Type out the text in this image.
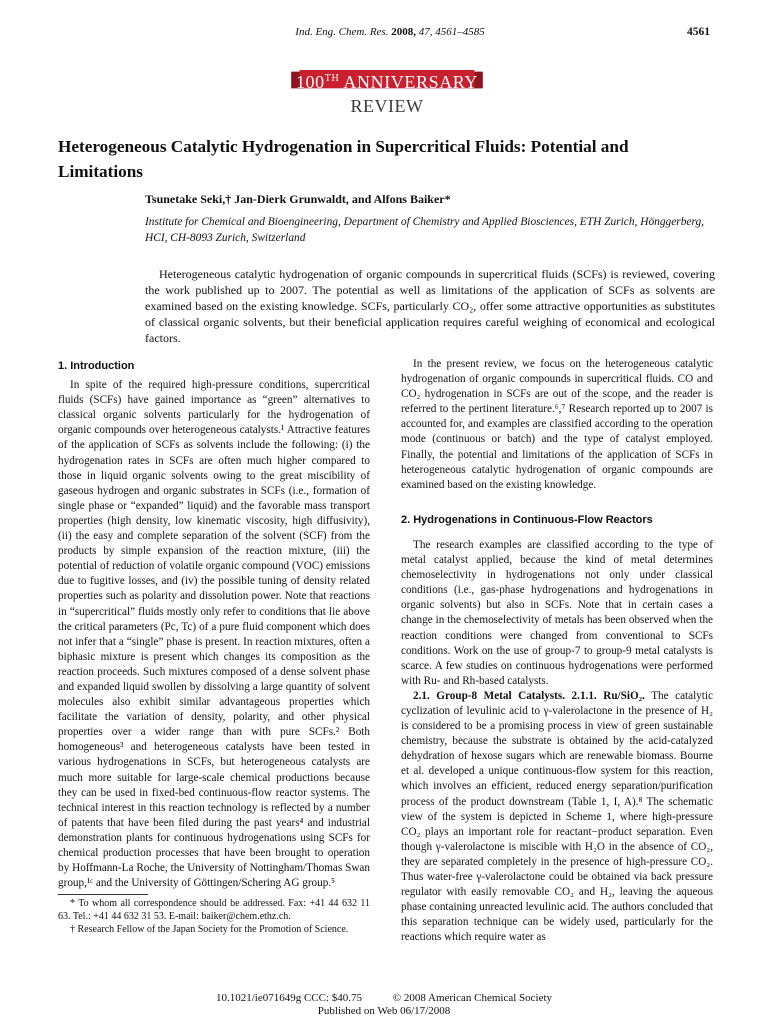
Ind. Eng. Chem. Res. 2008, 47, 4561–4585	4561
100TH ANNIVERSARY
REVIEW
Heterogeneous Catalytic Hydrogenation in Supercritical Fluids: Potential and Limitations
Tsunetake Seki,† Jan-Dierk Grunwaldt, and Alfons Baiker*
Institute for Chemical and Bioengineering, Department of Chemistry and Applied Biosciences, ETH Zurich, Hönggerberg, HCI, CH-8093 Zurich, Switzerland

Heterogeneous catalytic hydrogenation of organic compounds in supercritical fluids (SCFs) is reviewed, covering the work published up to 2007. The potential as well as limitations of the application of SCFs as solvents are examined based on the existing knowledge. SCFs, particularly CO₂, offer some attractive opportunities as substitutes of classical organic solvents, but their beneficial application requires careful weighing of economical and ecological factors.

1. Introduction

In spite of the required high-pressure conditions, supercritical fluids (SCFs) have gained importance as “green” alternatives to classical organic solvents particularly for the hydrogenation of organic compounds over heterogeneous catalysts.¹ Attractive features of the application of SCFs as solvents include the following: (i) the hydrogenation rates in SCFs are often much higher compared to those in liquid organic solvents owing to the great miscibility of gaseous hydrogen and organic substrates in SCFs (i.e., formation of single phase or “expanded” liquid) and the favorable mass transport properties (high density, low kinematic viscosity, high diffusivity), (ii) the easy and complete separation of the solvent (SCF) from the products by simple expansion of the reaction mixture, (iii) the potential of reduction of volatile organic compound (VOC) emissions due to fugitive losses, and (iv) the possible tuning of density related properties such as polarity and dissolution power. Note that reactions in “supercritical” fluids mostly only refer to conditions that lie above the critical parameters (Pc, Tc) of a pure fluid component which does not infer that a “single” phase is present. In reaction mixtures, often a biphasic mixture is present which changes its composition as the reaction proceeds. Such mixtures composed of a dense solvent phase and expanded liquid swollen by dissolving a large quantity of solvent molecules also exhibit similar advantageous properties which facilitate the variation of density, polarity, and other physical properties over a wider range than with pure SCFs.² Both homogeneous³ and heterogeneous catalysts have been tested in various hydrogenations in SCFs, but heterogeneous catalysts are much more suitable for large-scale chemical productions because they can be used in fixed-bed continuous-flow reactor systems. The technical interest in this reaction technology is reflected by a number of patents that have been filed during the past years⁴ and industrial demonstration plants for continuous hydrogenations using SCFs for chemical production processes that have been brought to operation by Hoffmann-La Roche, the University of Nottingham/Thomas Swan group,¹ᶜ and the University of Göttingen/Schering AG group.⁵

* To whom all correspondence should be addressed. Fax: +41 44 632 11 63. Tel.: +41 44 632 31 53. E-mail: baiker@chem.ethz.ch.

† Research Fellow of the Japan Society for the Promotion of Science.

In the present review, we focus on the heterogeneous catalytic hydrogenation of organic compounds in supercritical fluids. CO and CO₂ hydrogenation in SCFs are out of the scope, and the reader is referred to the pertinent literature.⁶,⁷ Research reported up to 2007 is accounted for, and examples are classified according to the operation mode (continuous or batch) and the type of catalyst employed. Finally, the potential and limitations of the application of SCFs in heterogeneous catalytic hydrogenation of organic compounds are examined based on the existing knowledge.

2. Hydrogenations in Continuous-Flow Reactors

The research examples are classified according to the type of metal catalyst applied, because the kind of metal determines chemoselectivity in hydrogenations not only under classical conditions (i.e., gas-phase hydrogenations and hydrogenations in organic solvents) but also in SCFs. Note that in certain cases a change in the chemoselectivity of metals has been observed when the reaction conditions were changed from conventional to SCFs conditions. Work on the use of group-7 to group-9 metal catalysts is scarce. A few studies on continuous hydrogenations were performed with Ru- and Rh-based catalysts.

2.1. Group-8 Metal Catalysts. 2.1.1. Ru/SiO₂. The catalytic cyclization of levulinic acid to γ-valerolactone in the presence of H₂ is considered to be a promising process in view of green sustainable chemistry, because the substrate is obtained by the acid-catalyzed dehydration of hexose sugars which are renewable biomass. Bourne et al. developed a unique continuous-flow system for this reaction, which involves an efficient, reduced energy separation/purification process of the product downstream (Table 1, I, A).⁸ The schematic view of the system is depicted in Scheme 1, where high-pressure CO₂ plays an important role for reactant−product separation. Even though γ-valerolactone is miscible with H₂O in the absence of CO₂, they are separated completely in the presence of high-pressure CO₂. Thus water-free γ-valerolactone could be obtained via back pressure regulator with easily removable CO₂ and H₂, leaving the aqueous phase containing unreacted levulinic acid. The authors concluded that this separation technique can be widely used, particularly for the reactions which require water as

10.1021/ie071649g CCC: $40.75	© 2008 American Chemical Society
Published on Web 06/17/2008
